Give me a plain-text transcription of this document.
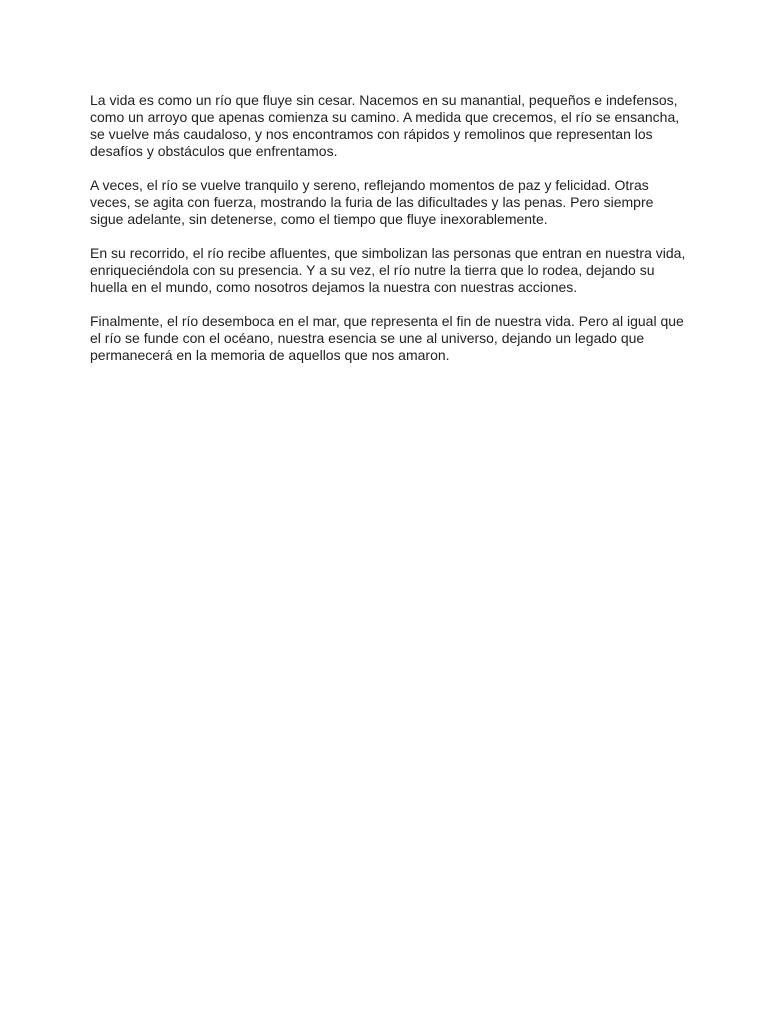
La vida es como un río que fluye sin cesar. Nacemos en su manantial, pequeños e indefensos,
como un arroyo que apenas comienza su camino. A medida que crecemos, el río se ensancha,
se vuelve más caudaloso, y nos encontramos con rápidos y remolinos que representan los
desafíos y obstáculos que enfrentamos.

A veces, el río se vuelve tranquilo y sereno, reflejando momentos de paz y felicidad. Otras
veces, se agita con fuerza, mostrando la furia de las dificultades y las penas. Pero siempre
sigue adelante, sin detenerse, como el tiempo que fluye inexorablemente.

En su recorrido, el río recibe afluentes, que simbolizan las personas que entran en nuestra vida,
enriqueciéndola con su presencia. Y a su vez, el río nutre la tierra que lo rodea, dejando su
huella en el mundo, como nosotros dejamos la nuestra con nuestras acciones.

Finalmente, el río desemboca en el mar, que representa el fin de nuestra vida. Pero al igual que
el río se funde con el océano, nuestra esencia se une al universo, dejando un legado que
permanecerá en la memoria de aquellos que nos amaron.
